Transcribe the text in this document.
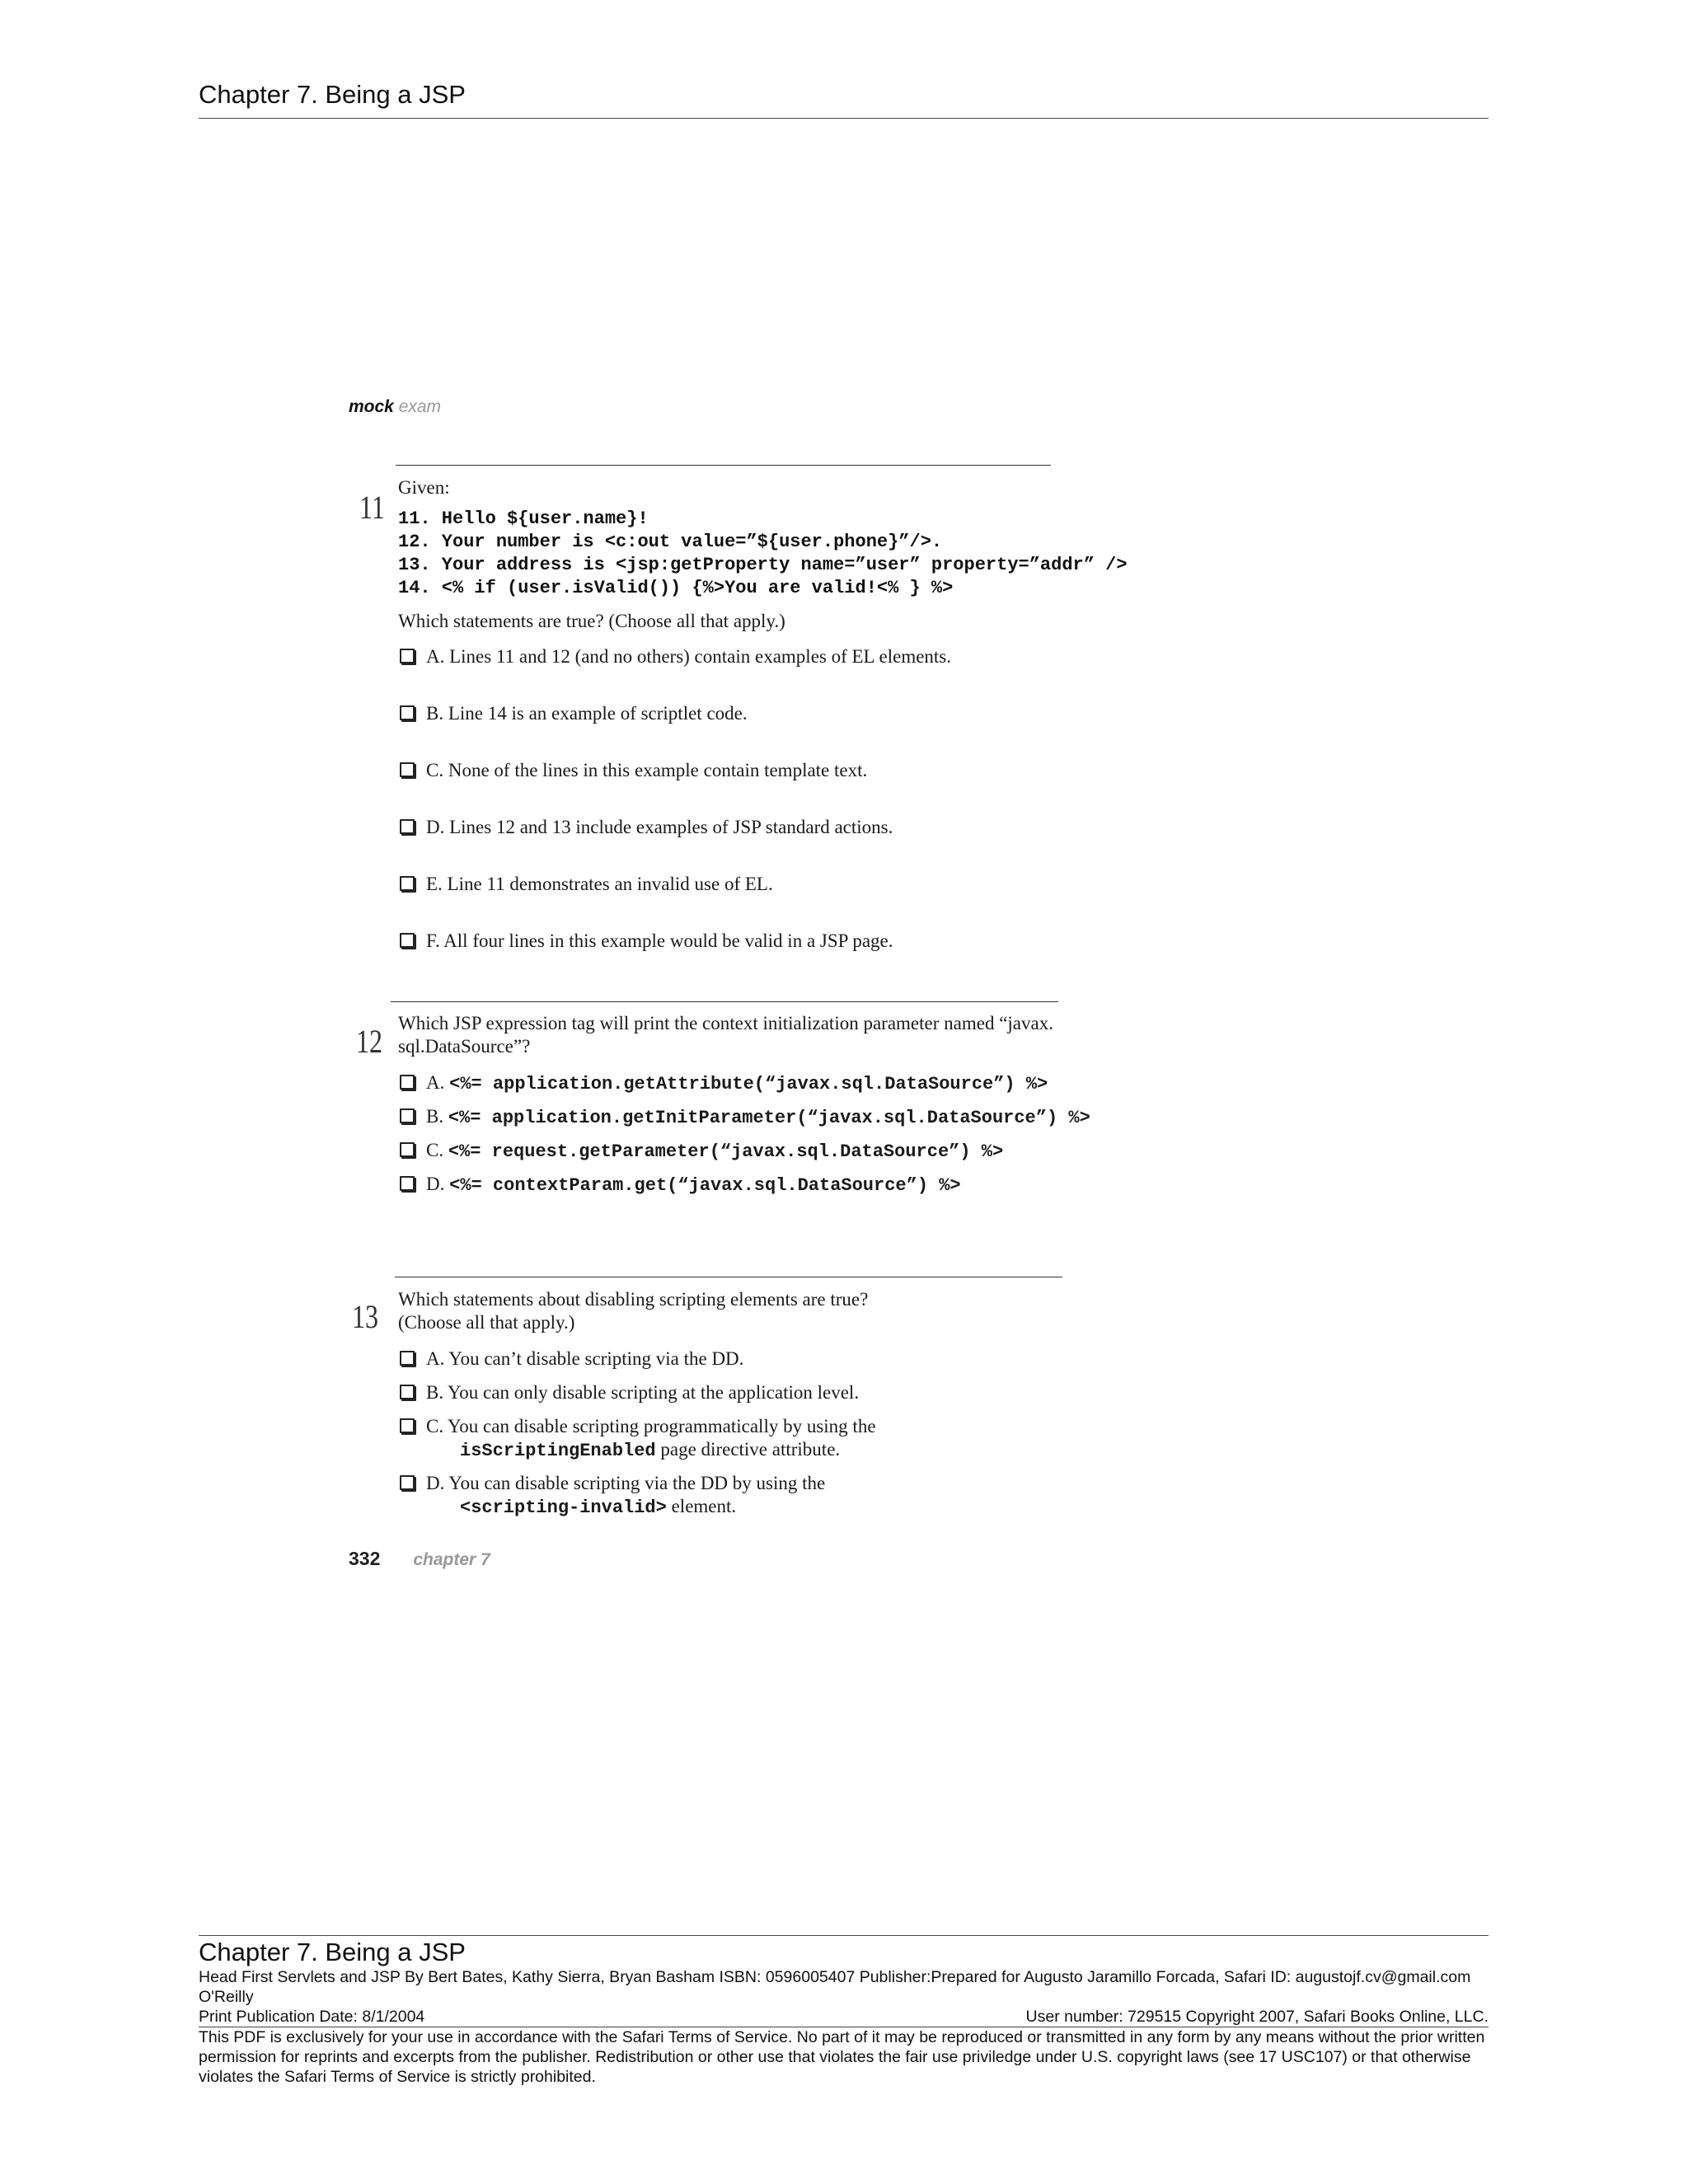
Chapter 7. Being a JSP
mock exam
11
Given:
11. Hello ${user.name}!
12. Your number is <c:out value=”${user.phone}”/>.
13. Your address is <jsp:getProperty name=”user” property=”addr” />
14. <% if (user.isValid()) {%>You are valid!<% } %>
Which statements are true? (Choose all that apply.)
A. Lines 11 and 12 (and no others) contain examples of EL elements.
B. Line 14 is an example of scriptlet code.
C. None of the lines in this example contain template text.
D. Lines 12 and 13 include examples of JSP standard actions.
E. Line 11 demonstrates an invalid use of EL.
F. All four lines in this example would be valid in a JSP page.
12 Which JSP expression tag will print the context initialization parameter named “javax.
sql.DataSource”?
A. <%= application.getAttribute(“javax.sql.DataSource”) %>
B. <%= application.getInitParameter(“javax.sql.DataSource”) %>
C. <%= request.getParameter(“javax.sql.DataSource”) %>
D. <%= contextParam.get(“javax.sql.DataSource”) %>
13 Which statements about disabling scripting elements are true?
(Choose all that apply.)
A. You can’t disable scripting via the DD.
B. You can only disable scripting at the application level.
C. You can disable scripting programmatically by using the
isScriptingEnabled page directive attribute.
D. You can disable scripting via the DD by using the
<scripting-invalid> element.
332 chapter 7
Chapter 7. Being a JSP
Head First Servlets and JSP By Bert Bates, Kathy Sierra, Bryan Basham ISBN: 0596005407 Publisher:Prepared for Augusto Jaramillo Forcada, Safari ID: augustojf.cv@gmail.com
O'Reilly
Print Publication Date: 8/1/2004	User number: 729515 Copyright 2007, Safari Books Online, LLC.
This PDF is exclusively for your use in accordance with the Safari Terms of Service. No part of it may be reproduced or transmitted in any form by any means without the prior written permission for reprints and excerpts from the publisher. Redistribution or other use that violates the fair use priviledge under U.S. copyright laws (see 17 USC107) or that otherwise violates the Safari Terms of Service is strictly prohibited.
